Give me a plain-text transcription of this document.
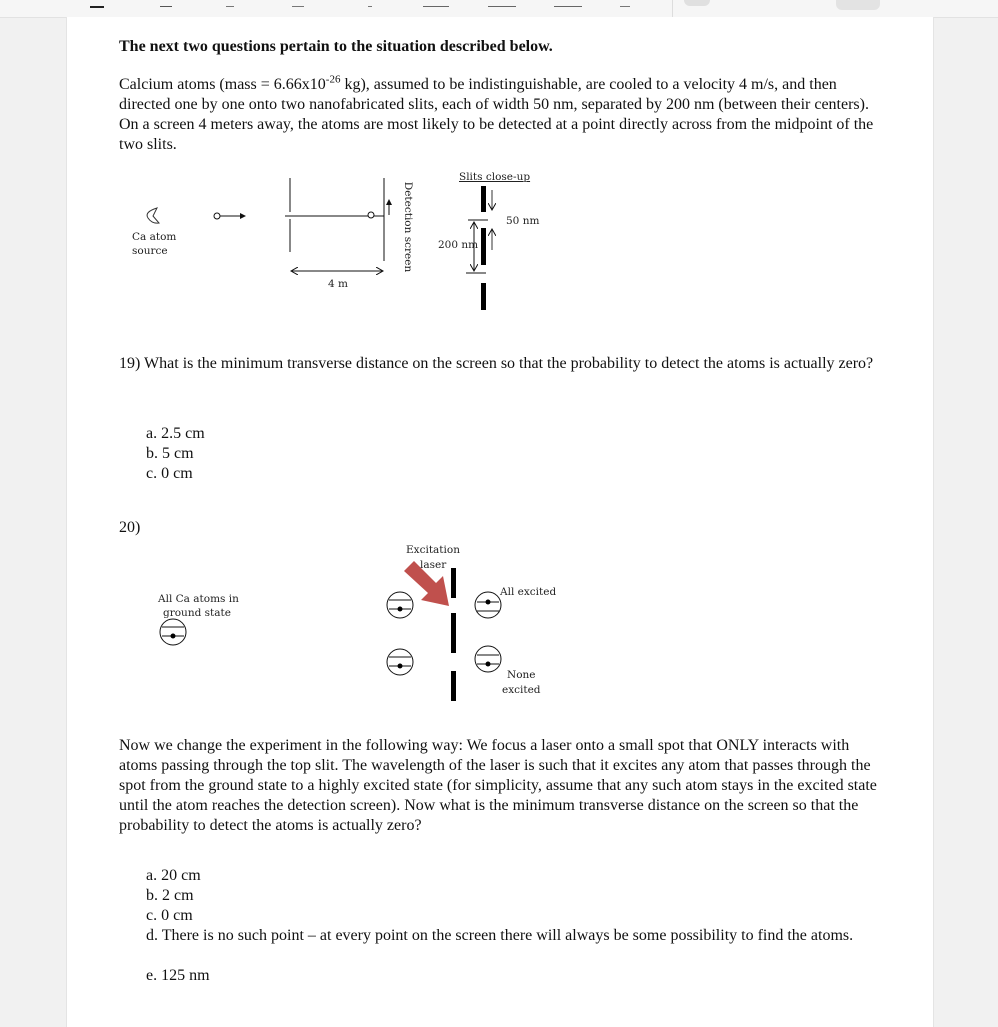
The next two questions pertain to the situation described below.
Calcium atoms (mass = $6.66x10^{-26}$ kg), assumed to be indistinguishable, are cooled to a velocity 4 m/s, and then directed one by one onto two nanofabricated slits, each of width 50 nm, separated by 200 nm (between their centers). On a screen 4 meters away, the atoms are most likely to be detected at a point directly across from the midpoint of the two slits.
Ca atom
source
4 m
Detection screen
Slits close-up
50 nm
200 nm
19) What is the minimum transverse distance on the screen so that the probability to detect the atoms is actually zero?
a. 2.5 cm
b. 5 cm
c. 0 cm
20)
Excitation
laser
All Ca atoms in
ground state
All excited
None
excited
Now we change the experiment in the following way: We focus a laser onto a small spot that ONLY interacts with atoms passing through the top slit. The wavelength of the laser is such that it excites any atom that passes through the spot from the ground state to a highly excited state (for simplicity, assume that any such atom stays in the excited state until the atom reaches the detection screen). Now what is the minimum transverse distance on the screen so that the probability to detect the atoms is actually zero?
a. 20 cm
b. 2 cm
c. 0 cm
d. There is no such point – at every point on the screen there will always be some possibility to find the atoms.
e. 125 nm
